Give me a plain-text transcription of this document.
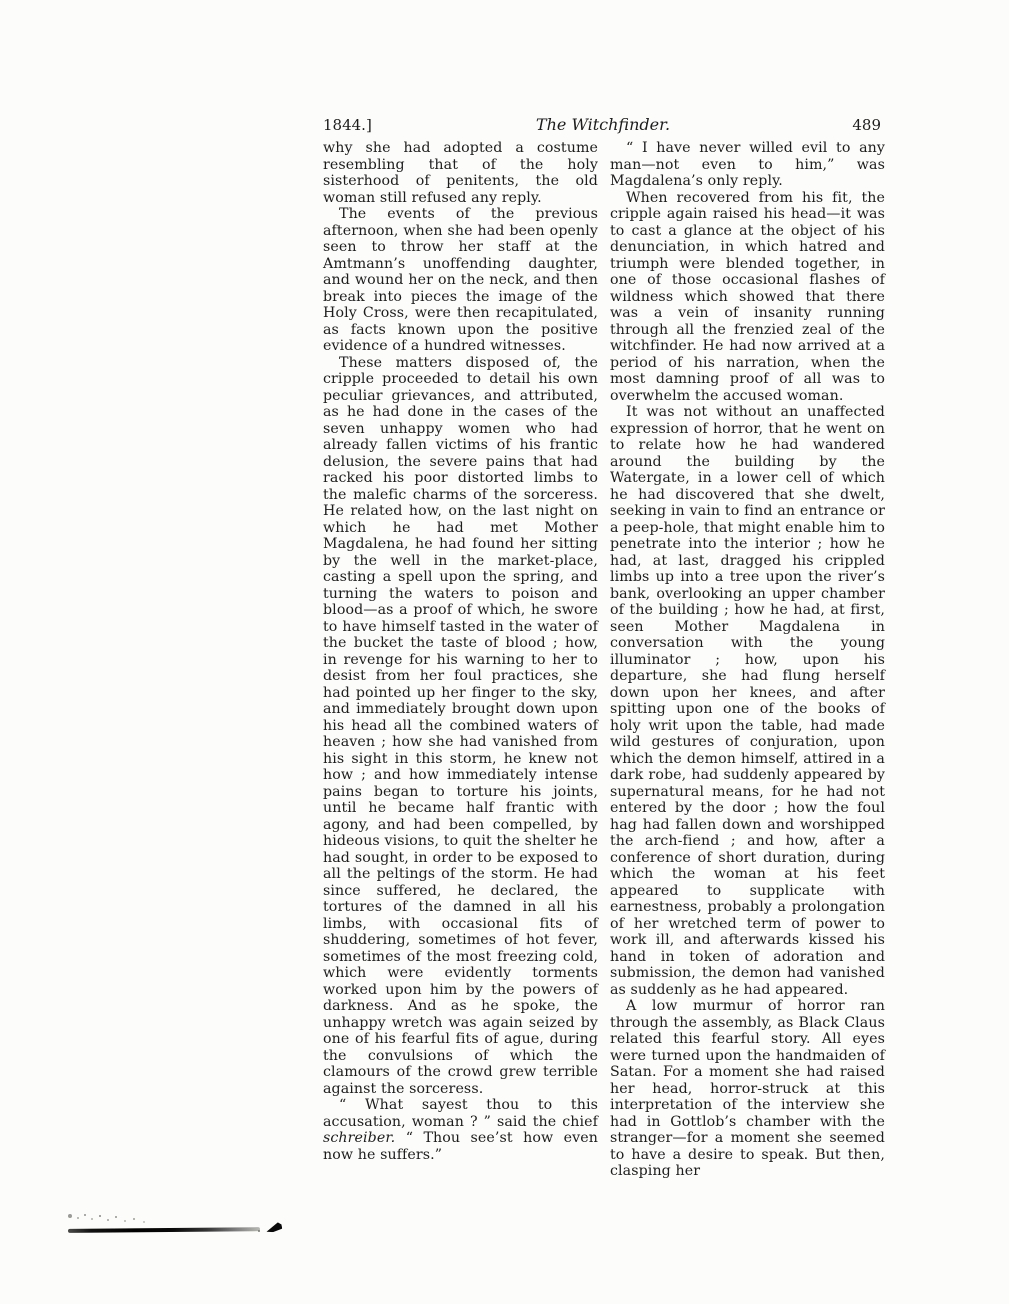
1844.]	The Witchfinder.	489

why she had adopted a costume resembling that of the holy sisterhood of penitents, the old woman still refused any reply.

The events of the previous afternoon, when she had been openly seen to throw her staff at the Amtmann’s unoffending daughter, and wound her on the neck, and then break into pieces the image of the Holy Cross, were then recapitulated, as facts known upon the positive evidence of a hundred witnesses.

These matters disposed of, the cripple proceeded to detail his own peculiar grievances, and attributed, as he had done in the cases of the seven unhappy women who had already fallen victims of his frantic delusion, the severe pains that had racked his poor distorted limbs to the malefic charms of the sorceress. He related how, on the last night on which he had met Mother Magdalena, he had found her sitting by the well in the market-place, casting a spell upon the spring, and turning the waters to poison and blood—as a proof of which, he swore to have himself tasted in the water of the bucket the taste of blood ; how, in revenge for his warning to her to desist from her foul practices, she had pointed up her finger to the sky, and immediately brought down upon his head all the combined waters of heaven ; how she had vanished from his sight in this storm, he knew not how ; and how immediately intense pains began to torture his joints, until he became half frantic with agony, and had been compelled, by hideous visions, to quit the shelter he had sought, in order to be exposed to all the peltings of the storm. He had since suffered, he declared, the tortures of the damned in all his limbs, with occasional fits of shuddering, sometimes of hot fever, sometimes of the most freezing cold, which were evidently torments worked upon him by the powers of darkness. And as he spoke, the unhappy wretch was again seized by one of his fearful fits of ague, during the convulsions of which the clamours of the crowd grew terrible against the sorceress.

“ What sayest thou to this accusation, woman ? ” said the chief schreiber. “ Thou see’st how even now he suffers.”

“ I have never willed evil to any man—not even to him,” was Magdalena’s only reply.

When recovered from his fit, the cripple again raised his head—it was to cast a glance at the object of his denunciation, in which hatred and triumph were blended together, in one of those occasional flashes of wildness which showed that there was a vein of insanity running through all the frenzied zeal of the witchfinder. He had now arrived at a period of his narration, when the most damning proof of all was to overwhelm the accused woman.

It was not without an unaffected expression of horror, that he went on to relate how he had wandered around the building by the Watergate, in a lower cell of which he had discovered that she dwelt, seeking in vain to find an entrance or a peep-hole, that might enable him to penetrate into the interior ; how he had, at last, dragged his crippled limbs up into a tree upon the river’s bank, overlooking an upper chamber of the building ; how he had, at first, seen Mother Magdalena in conversation with the young illuminator ; how, upon his departure, she had flung herself down upon her knees, and after spitting upon one of the books of holy writ upon the table, had made wild gestures of conjuration, upon which the demon himself, attired in a dark robe, had suddenly appeared by supernatural means, for he had not entered by the door ; how the foul hag had fallen down and worshipped the arch-fiend ; and how, after a conference of short duration, during which the woman at his feet appeared to supplicate with earnestness, probably a prolongation of her wretched term of power to work ill, and afterwards kissed his hand in token of adoration and submission, the demon had vanished as suddenly as he had appeared.

A low murmur of horror ran through the assembly, as Black Claus related this fearful story. All eyes were turned upon the handmaiden of Satan. For a moment she had raised her head, horror-struck at this interpretation of the interview she had in Gottlob’s chamber with the stranger—for a moment she seemed to have a desire to speak. But then, clasping her
